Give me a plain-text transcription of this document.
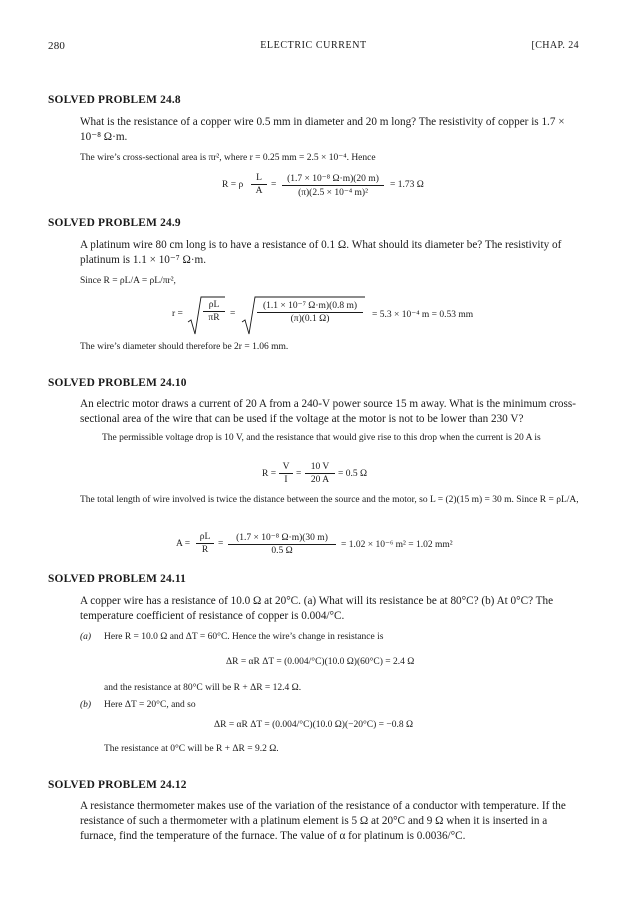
280	ELECTRIC CURRENT	[CHAP. 24
SOLVED PROBLEM 24.8
What is the resistance of a copper wire 0.5 mm in diameter and 20 m long? The resistivity of copper is 1.7 × 10⁻⁸ Ω·m.
The wire’s cross-sectional area is πr², where r = 0.25 mm = 2.5 × 10⁻⁴. Hence
R = ρ $\frac{L}{A} = \frac{\text{(1.7 × 10⁻⁸ Ω·m)(20 m)}}{\text{(π)(2.5 × 10⁻⁴ m)²}} = 1.73$ Ω
SOLVED PROBLEM 24.9
A platinum wire 80 cm long is to have a resistance of 0.1 Ω. What should its diameter be? The resistivity of platinum is 1.1 × 10⁻⁷ Ω·m.
Since R = ρL/A = ρL/πr²,
$r = \frac{\rho L}{\pi R} = \frac{\text{(1.1 × 10⁻⁷ Ω·m)(0.8 m)}}{(\pi)(0.1 \Omega)} = 5.3 \times 10^{-4}$ m = 0.53 mm
The wire’s diameter should therefore be 2r = 1.06 mm.
SOLVED PROBLEM 24.10
An electric motor draws a current of 20 A from a 240-V power source 15 m away. What is the minimum cross-sectional area of the wire that can be used if the voltage at the motor is not to be lower than 230 V?
The permissible voltage drop is 10 V, and the resistance that would give rise to this drop when the current is 20 A is
$R = \frac{V}{I} = \frac{10 V}{20 A} = 0.5$ Ω
The total length of wire involved is twice the distance between the source and the motor, so L = (2)(15 m) = 30 m. Since R = ρL/A,
$A = \frac{\rho L}{R} = \frac{\text{(1.7 × 10⁻⁸ Ω·m)(30 m)}}{0.5 \Omega} = 1.02 \times 10^{-6}$ m² = 1.02 mm²
SOLVED PROBLEM 24.11
A copper wire has a resistance of 10.0 Ω at 20°C. (a) What will its resistance be at 80°C? (b) At 0°C? The temperature coefficient of resistance of copper is 0.004/°C.
(a) Here R = 10.0 Ω and ΔT = 60°C. Hence the wire’s change in resistance is
ΔR = αR ΔT = (0.004/°C)(10.0 Ω)(60°C) = 2.4 Ω
and the resistance at 80°C will be R + ΔR = 12.4 Ω.
(b) Here ΔT = 20°C, and so
ΔR = αR ΔT = (0.004/°C)(10.0 Ω)(−20°C) = −0.8 Ω
The resistance at 0°C will be R + ΔR = 9.2 Ω.
SOLVED PROBLEM 24.12
A resistance thermometer makes use of the variation of the resistance of a conductor with temperature. If the resistance of such a thermometer with a platinum element is 5 Ω at 20°C and 9 Ω when it is inserted in a furnace, find the temperature of the furnace. The value of α for platinum is 0.0036/°C.
